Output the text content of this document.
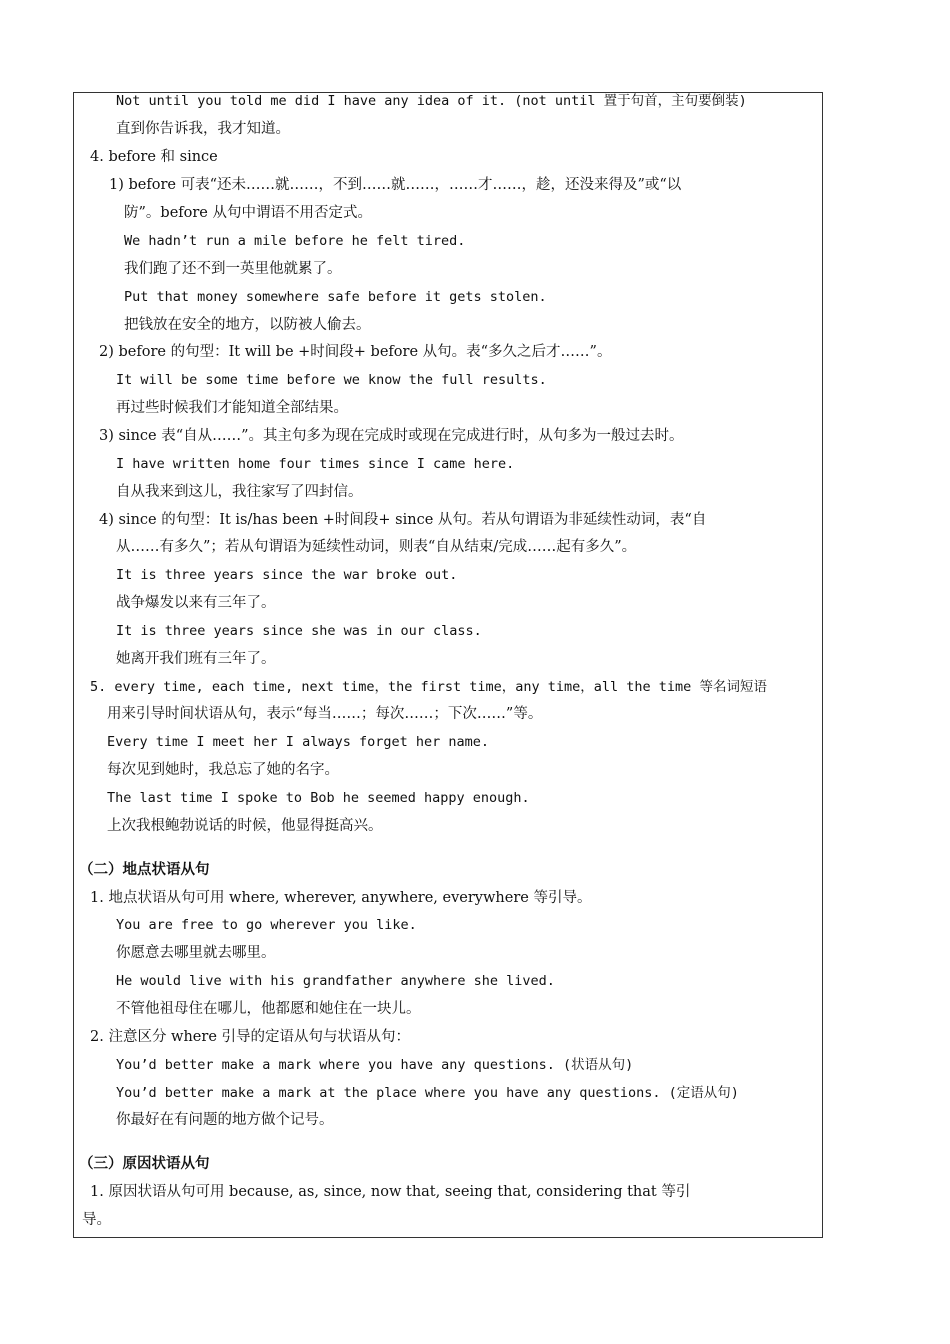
Not until you told me did I have any idea of it. (not until 置于句首，主句要倒装)
直到你告诉我，我才知道。
4. before 和 since
1) before 可表“还未……就……，不到……就……，……才……，趁，还没来得及”或“以
防”。before 从句中谓语不用否定式。
We hadn’t run a mile before he felt tired.
我们跑了还不到一英里他就累了。
Put that money somewhere safe before it gets stolen.
把钱放在安全的地方，以防被人偷去。
2) before 的句型：It will be +时间段+ before 从句。表“多久之后才……”。
It will be some time before we know the full results.
再过些时候我们才能知道全部结果。
3) since 表“自从……”。其主句多为现在完成时或现在完成进行时，从句多为一般过去时。
I have written home four times since I came here.
自从我来到这儿，我往家写了四封信。
4) since 的句型：It is/has been +时间段+ since 从句。若从句谓语为非延续性动词，表“自
从……有多久”；若从句谓语为延续性动词，则表“自从结束/完成……起有多久”。
It is three years since the war broke out.
战争爆发以来有三年了。
It is three years since she was in our class.
她离开我们班有三年了。
5. every time, each time, next time，the first time，any time，all the time 等名词短语
用来引导时间状语从句，表示“每当……；每次……；下次……”等。
Every time I meet her I always forget her name.
每次见到她时，我总忘了她的名字。
The last time I spoke to Bob he seemed happy enough.
上次我根鲍勃说话的时候，他显得挺高兴。
（二）地点状语从句
1. 地点状语从句可用 where, wherever, anywhere, everywhere 等引导。
You are free to go wherever you like.
你愿意去哪里就去哪里。
He would live with his grandfather anywhere she lived.
不管他祖母住在哪儿，他都愿和她住在一块儿。
2. 注意区分 where 引导的定语从句与状语从句：
You’d better make a mark where you have any questions. (状语从句)
You’d better make a mark at the place where you have any questions. (定语从句)
你最好在有问题的地方做个记号。
（三）原因状语从句
1. 原因状语从句可用 because, as, since, now that, seeing that, considering that 等引
导。
